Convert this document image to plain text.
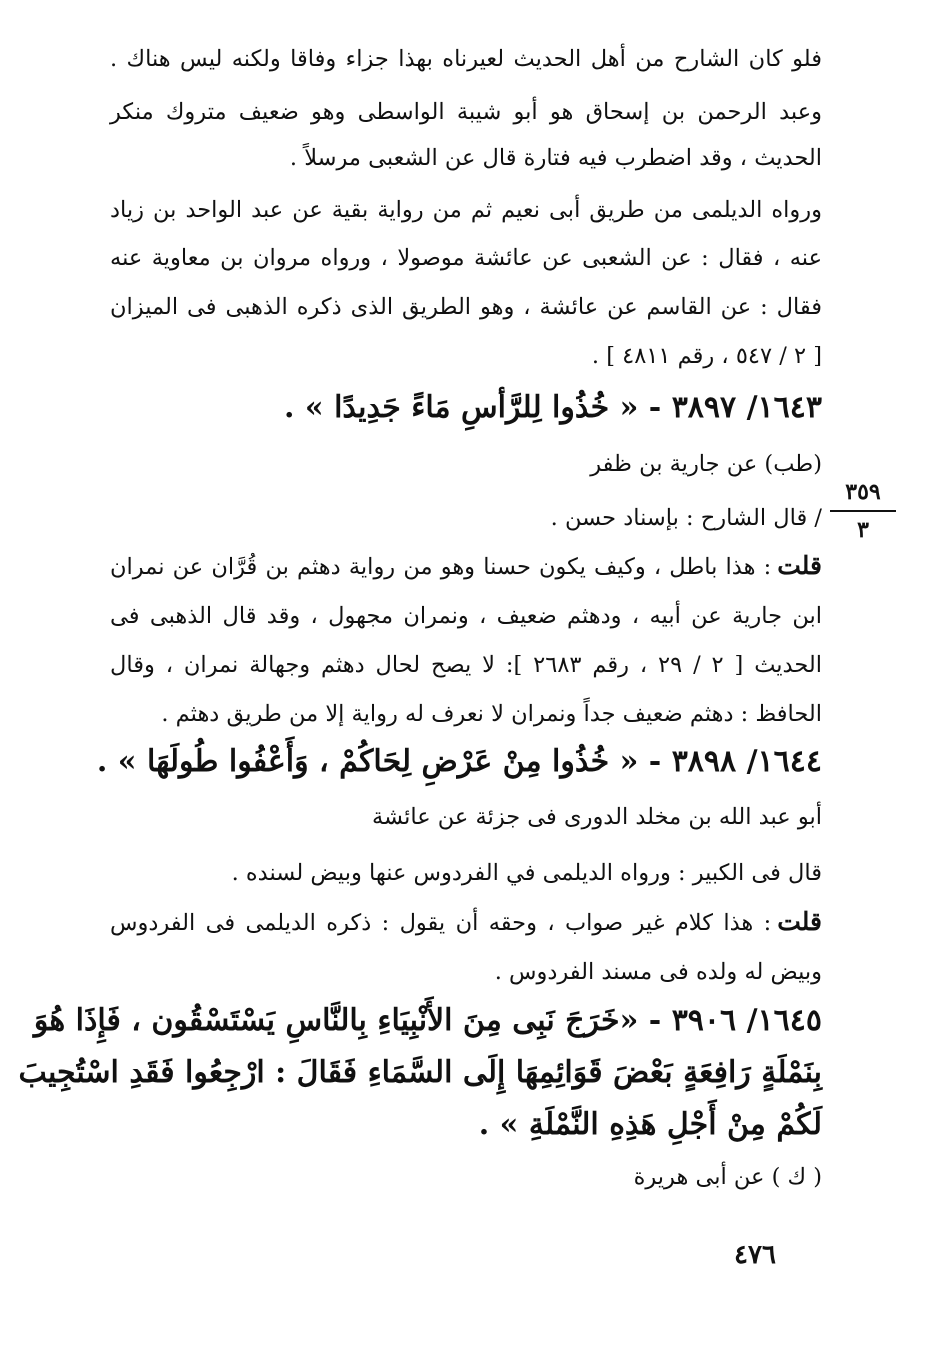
فلو كان الشارح من أهل الحديث لعيرناه بهذا جزاء وفاقا ولكنه ليس هناك .
وعبد الرحمن بن إسحاق هو أبو شيبة الواسطى وهو ضعيف متروك منكر
الحديث ، وقد اضطرب فيه فتارة قال عن الشعبى مرسلاً .
ورواه الديلمى من طريق أبى نعيم ثم من رواية بقية عن عبد الواحد بن زياد
عنه ، فقال : عن الشعبى عن عائشة موصولا ، ورواه مروان بن معاوية عنه
فقال : عن القاسم عن عائشة ، وهو الطريق الذى ذكره الذهبى فى الميزان
[ ٢ / ٥٤٧ ، رقم ٤٨١١ ] .
١٦٤٣/ ٣٨٩٧ - « خُذُوا لِلرَّأسِ مَاءً جَدِيدًا » .
(طب) عن جارية بن ظفر
/ قال الشارح : بإسناد حسن .
قلت: هذا باطل ، وكيف يكون حسنا وهو من رواية دهثم بن قُرَّان عن نمران
ابن جارية عن أبيه ، ودهثم ضعيف ، ونمران مجهول ، وقد قال الذهبى فى
الحديث [ ٢ / ٢٩ ، رقم ٢٦٨٣ ]: لا يصح لحال دهثم وجهالة نمران ، وقال
الحافظ : دهثم ضعيف جداً ونمران لا نعرف له رواية إلا من طريق دهثم .
١٦٤٤/ ٣٨٩٨ - « خُذُوا مِنْ عَرْضِ لِحَاكُمْ ، وَأَعْفُوا طُولَهَا » .
أبو عبد الله بن مخلد الدورى فى جزئة عن عائشة
قال فى الكبير : ورواه الديلمى في الفردوس عنها وبيض لسنده .
قلت: هذا كلام غير صواب ، وحقه أن يقول : ذكره الديلمى فى الفردوس
وبيض له ولده فى مسند الفردوس .
١٦٤٥/ ٣٩٠٦ - «خَرَجَ نَبِى مِنَ الأَنْبِيَاءِ بِالنَّاسِ يَسْتَسْقُون ، فَإِذَا هُوَ
بِنَمْلَةٍ رَافِعَةٍ بَعْضَ قَوَائِمِهَا إِلَى السَّمَاءِ فَقَالَ : ارْجِعُوا فَقَدِ اسْتُجِيبَ
لَكُمْ مِنْ أَجْلِ هَذِهِ النَّمْلَةِ » .
( ك ) عن أبى هريرة
٣٥٩
٣
٤٧٦
